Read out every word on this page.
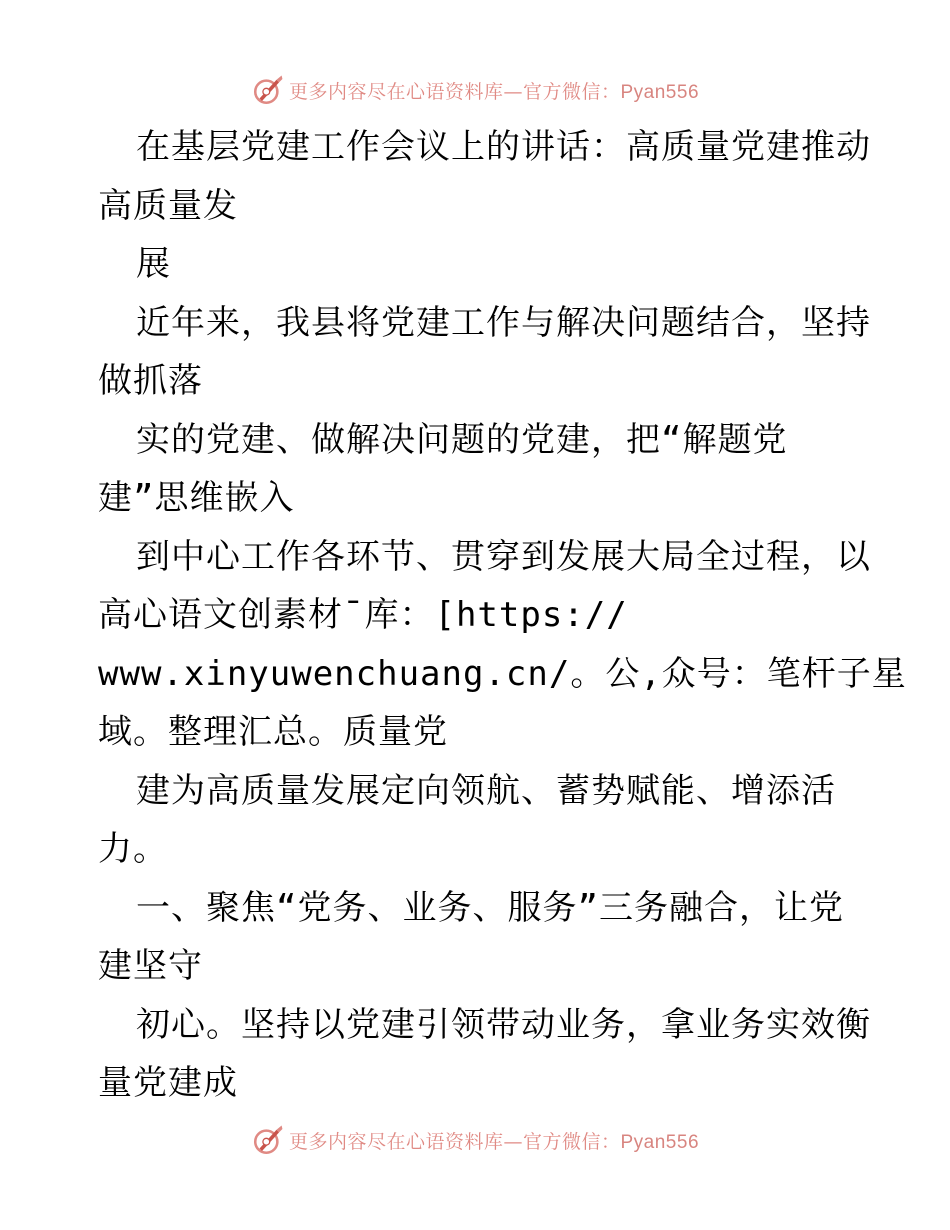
更多内容尽在心语资料库—官方微信：Pyan556
在基层党建工作会议上的讲话：高质量党建推动
高质量发
展
近年来，我县将党建工作与解决问题结合，坚持
做抓落
实的党建、做解决问题的党建，把“解题党
建”思维嵌入
到中心工作各环节、贯穿到发展大局全过程，以
高心语文创素材¯库：[https://
www.xinyuwenchuang.cn/。公,众号：笔杆子星
域。整理汇总。质量党
建为高质量发展定向领航、蓄势赋能、增添活
力。
一、聚焦“党务、业务、服务”三务融合，让党
建坚守
初心。坚持以党建引领带动业务，拿业务实效衡
量党建成
更多内容尽在心语资料库—官方微信：Pyan556
